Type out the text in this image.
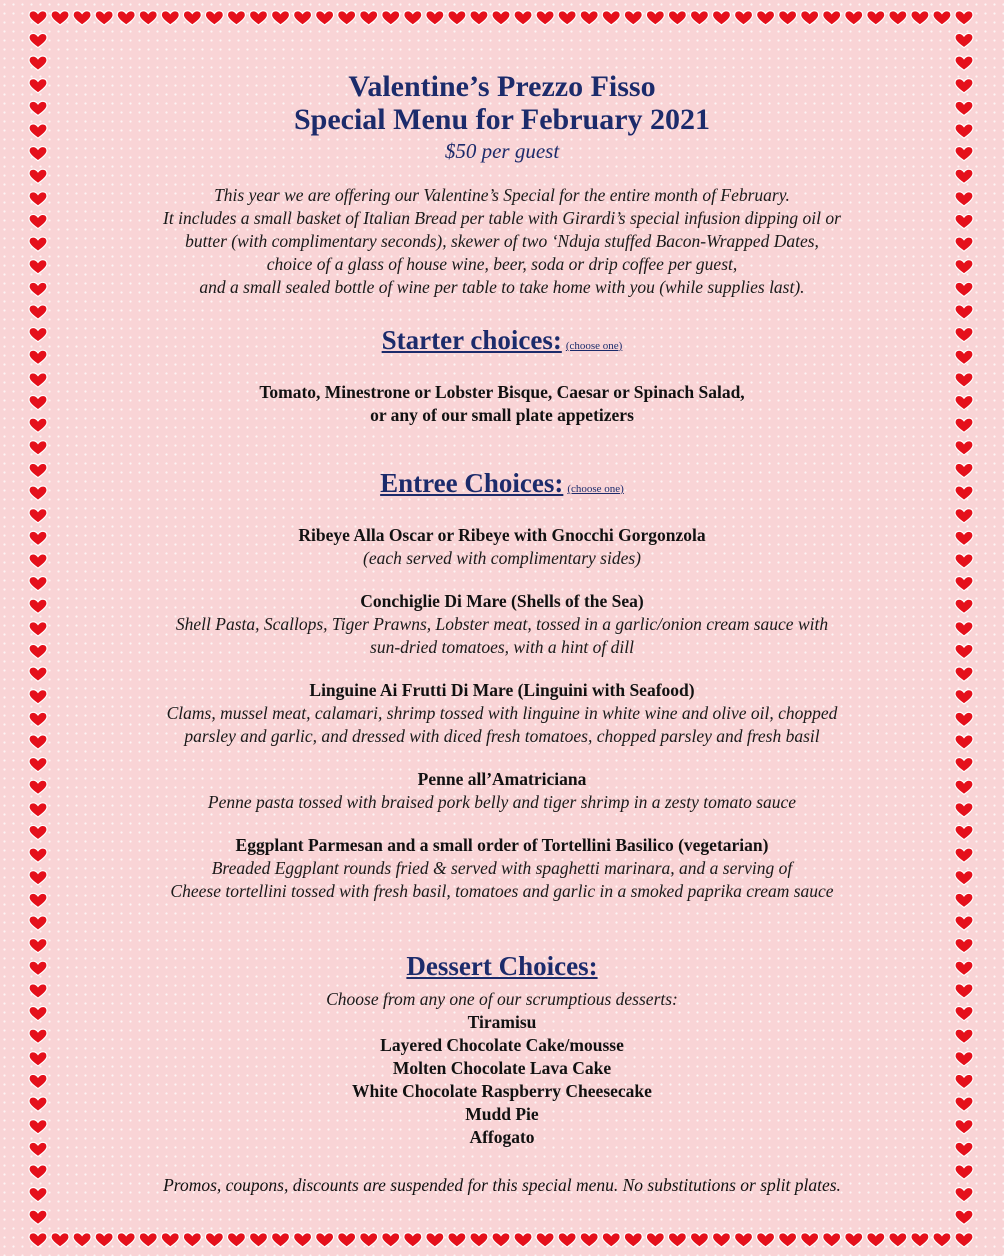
Valentine’s Prezzo Fisso
Special Menu for February 2021
$50 per guest
This year we are offering our Valentine’s Special for the entire month of February.
It includes a small basket of Italian Bread per table with Girardi’s special infusion dipping oil or
butter (with complimentary seconds), skewer of two ‘Nduja stuffed Bacon-Wrapped Dates,
choice of a glass of house wine, beer, soda or drip coffee per guest,
and a small sealed bottle of wine per table to take home with you (while supplies last).
Starter choices: (choose one)
Tomato, Minestrone or Lobster Bisque, Caesar or Spinach Salad,
or any of our small plate appetizers
Entree Choices: (choose one)
Ribeye Alla Oscar or Ribeye with Gnocchi Gorgonzola
(each served with complimentary sides)
Conchiglie Di Mare (Shells of the Sea)
Shell Pasta, Scallops, Tiger Prawns, Lobster meat, tossed in a garlic/onion cream sauce with
sun-dried tomatoes, with a hint of dill
Linguine Ai Frutti Di Mare (Linguini with Seafood)
Clams, mussel meat, calamari, shrimp tossed with linguine in white wine and olive oil, chopped
parsley and garlic, and dressed with diced fresh tomatoes, chopped parsley and fresh basil
Penne all’Amatriciana
Penne pasta tossed with braised pork belly and tiger shrimp in a zesty tomato sauce
Eggplant Parmesan and a small order of Tortellini Basilico (vegetarian)
Breaded Eggplant rounds fried & served with spaghetti marinara, and a serving of
Cheese tortellini tossed with fresh basil, tomatoes and garlic in a smoked paprika cream sauce
Dessert Choices:
Choose from any one of our scrumptious desserts:
Tiramisu
Layered Chocolate Cake/mousse
Molten Chocolate Lava Cake
White Chocolate Raspberry Cheesecake
Mudd Pie
Affogato
Promos, coupons, discounts are suspended for this special menu. No substitutions or split plates.
